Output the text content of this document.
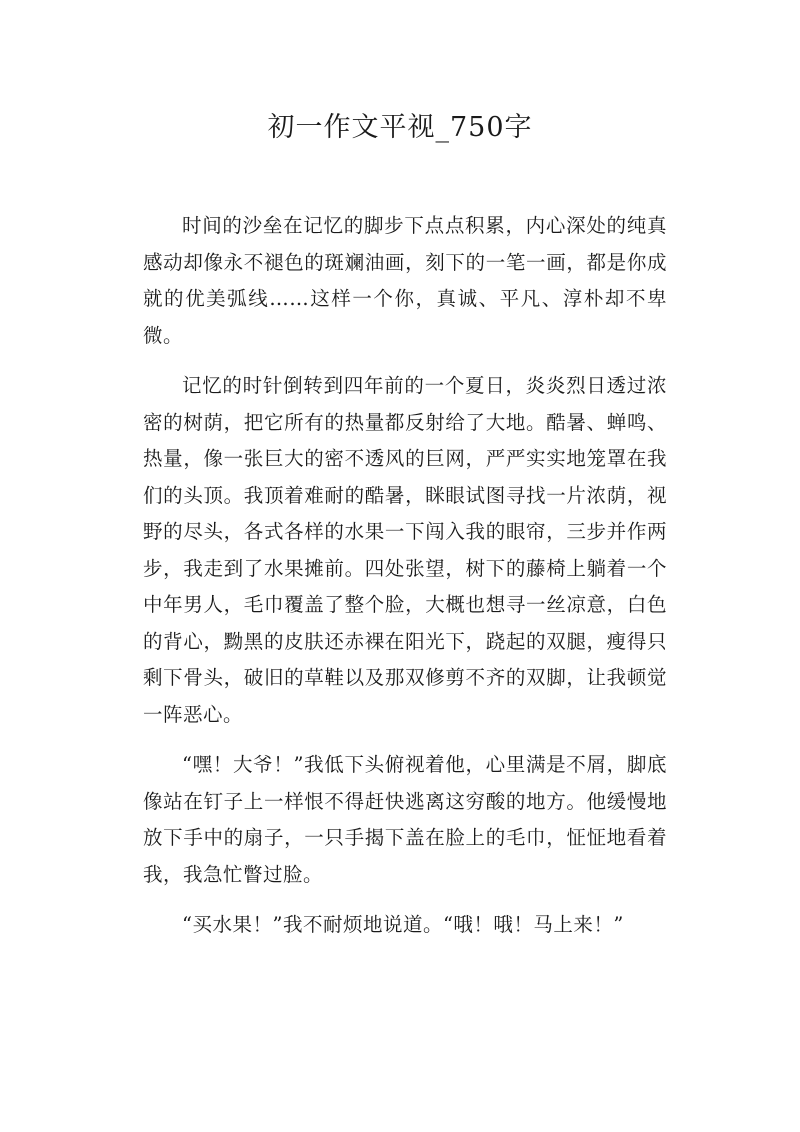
初一作文平视_750字

时间的沙垒在记忆的脚步下点点积累，内心深处的纯真感动却像永不褪色的斑斓油画，刻下的一笔一画，都是你成就的优美弧线……这样一个你，真诚、平凡、淳朴却不卑微。

记忆的时针倒转到四年前的一个夏日，炎炎烈日透过浓密的树荫，把它所有的热量都反射给了大地。酷暑、蝉鸣、热量，像一张巨大的密不透风的巨网，严严实实地笼罩在我们的头顶。我顶着难耐的酷暑，眯眼试图寻找一片浓荫，视野的尽头，各式各样的水果一下闯入我的眼帘，三步并作两步，我走到了水果摊前。四处张望，树下的藤椅上躺着一个中年男人，毛巾覆盖了整个脸，大概也想寻一丝凉意，白色的背心，黝黑的皮肤还赤裸在阳光下，跷起的双腿，瘦得只剩下骨头，破旧的草鞋以及那双修剪不齐的双脚，让我顿觉一阵恶心。

“嘿！大爷！”我低下头俯视着他，心里满是不屑，脚底像站在钉子上一样恨不得赶快逃离这穷酸的地方。他缓慢地放下手中的扇子，一只手揭下盖在脸上的毛巾，怔怔地看着我，我急忙瞥过脸。

“买水果！”我不耐烦地说道。“哦！哦！马上来！”
